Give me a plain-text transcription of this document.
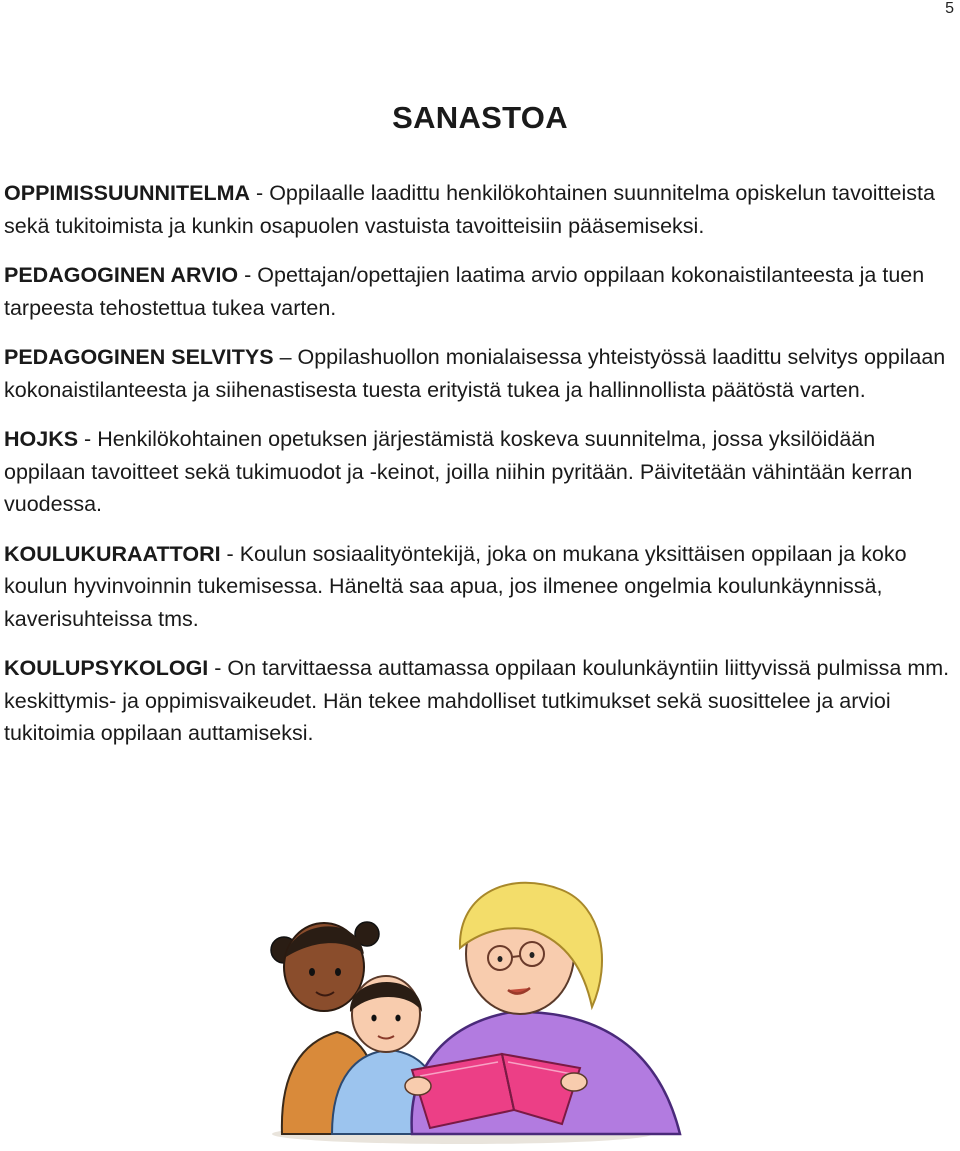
5
SANASTOA
OPPIMISSUUNNITELMA - Oppilaalle laadittu henkilökohtainen suunnitelma opiskelun tavoitteista sekä tukitoimista ja kunkin osapuolen vastuista tavoitteisiin pääsemiseksi.
PEDAGOGINEN ARVIO - Opettajan/opettajien laatima arvio oppilaan kokonaistilanteesta ja tuen tarpeesta tehostettua tukea varten.
PEDAGOGINEN SELVITYS – Oppilashuollon monialaisessa yhteistyössä laadittu selvitys oppilaan kokonaistilanteesta ja siihenastisesta tuesta erityistä tukea ja hallinnollista päätöstä varten.
HOJKS - Henkilökohtainen opetuksen järjestämistä koskeva suunnitelma, jossa yksilöidään oppilaan tavoitteet sekä tukimuodot ja -keinot, joilla niihin pyritään. Päivitetään vähintään kerran vuodessa.
KOULUKURAATTORI - Koulun sosiaalityöntekijä, joka on mukana yksittäisen oppilaan ja koko koulun hyvinvoinnin tukemisessa. Häneltä saa apua, jos ilmenee ongelmia koulunkäynnissä, kaverisuhteissa tms.
KOULUPSYKOLOGI - On tarvittaessa auttamassa oppilaan koulunkäyntiin liittyvissä pulmissa mm. keskittymis- ja oppimisvaikeudet. Hän tekee mahdolliset tutkimukset sekä suosittelee ja arvioi tukitoimia oppilaan auttamiseksi.
